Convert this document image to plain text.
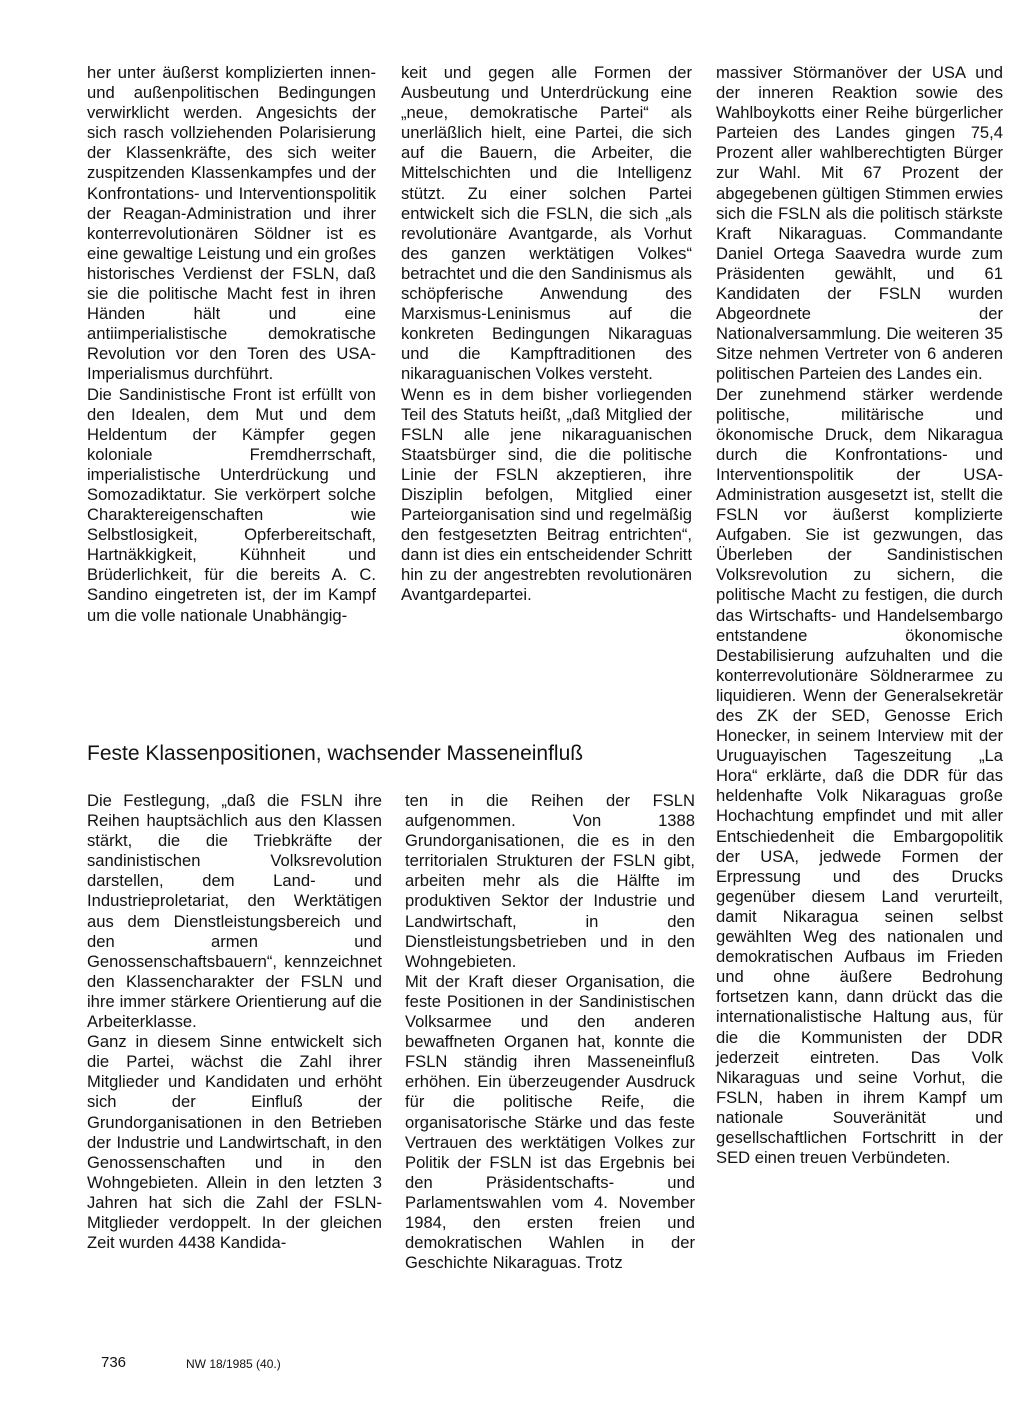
her unter äußerst komplizierten innen- und außenpolitischen Bedingungen verwirklicht werden. Angesichts der sich rasch vollziehenden Polarisierung der Klassenkräfte, des sich weiter zuspitzenden Klassenkampfes und der Konfrontations- und Interventionspolitik der Reagan-Administration und ihrer konterrevolutionären Söldner ist es eine gewaltige Leistung und ein großes historisches Verdienst der FSLN, daß sie die politische Macht fest in ihren Händen hält und eine antiimperialistische demokratische Revolution vor den Toren des USA-Imperialismus durchführt.

Die Sandinistische Front ist erfüllt von den Idealen, dem Mut und dem Heldentum der Kämpfer gegen koloniale Fremdherrschaft, imperialistische Unterdrückung und Somozadiktatur. Sie verkörpert solche Charaktereigenschaften wie Selbstlosigkeit, Opferbereitschaft, Hartnäkkigkeit, Kühnheit und Brüderlichkeit, für die bereits A. C. Sandino eingetreten ist, der im Kampf um die volle nationale Unabhängig-

keit und gegen alle Formen der Ausbeutung und Unterdrückung eine „neue, demokratische Partei“ als unerläßlich hielt, eine Partei, die sich auf die Bauern, die Arbeiter, die Mittelschichten und die Intelligenz stützt. Zu einer solchen Partei entwickelt sich die FSLN, die sich „als revolutionäre Avantgarde, als Vorhut des ganzen werktätigen Volkes“ betrachtet und die den Sandinismus als schöpferische Anwendung des Marxismus-Leninismus auf die konkreten Bedingungen Nikaraguas und die Kampftraditionen des nikaraguanischen Volkes versteht.

Wenn es in dem bisher vorliegenden Teil des Statuts heißt, „daß Mitglied der FSLN alle jene nikaraguanischen Staatsbürger sind, die die politische Linie der FSLN akzeptieren, ihre Disziplin befolgen, Mitglied einer Parteiorganisation sind und regelmäßig den festgesetzten Beitrag entrichten“, dann ist dies ein entscheidender Schritt hin zu der angestrebten revolutionären Avantgardepartei.

massiver Störmanöver der USA und der inneren Reaktion sowie des Wahlboykotts einer Reihe bürgerlicher Parteien des Landes gingen 75,4 Prozent aller wahlberechtigten Bürger zur Wahl. Mit 67 Prozent der abgegebenen gültigen Stimmen erwies sich die FSLN als die politisch stärkste Kraft Nikaraguas. Commandante Daniel Ortega Saavedra wurde zum Präsidenten gewählt, und 61 Kandidaten der FSLN wurden Abgeordnete der Nationalversammlung. Die weiteren 35 Sitze nehmen Vertreter von 6 anderen politischen Parteien des Landes ein.

Der zunehmend stärker werdende politische, militärische und ökonomische Druck, dem Nikaragua durch die Konfrontations- und Interventionspolitik der USA-Administration ausgesetzt ist, stellt die FSLN vor äußerst komplizierte Aufgaben. Sie ist gezwungen, das Überleben der Sandinistischen Volksrevolution zu sichern, die politische Macht zu festigen, die durch das Wirtschafts- und Handelsembargo entstandene ökonomische Destabilisierung aufzuhalten und die konterrevolutionäre Söldnerarmee zu liquidieren. Wenn der Generalsekretär des ZK der SED, Genosse Erich Honecker, in seinem Interview mit der Uruguayischen Tageszeitung „La Hora“ erklärte, daß die DDR für das heldenhafte Volk Nikaraguas große Hochachtung empfindet und mit aller Entschiedenheit die Embargopolitik der USA, jedwede Formen der Erpressung und des Drucks gegenüber diesem Land verurteilt, damit Nikaragua seinen selbst gewählten Weg des nationalen und demokratischen Aufbaus im Frieden und ohne äußere Bedrohung fortsetzen kann, dann drückt das die internationalistische Haltung aus, für die die Kommunisten der DDR jederzeit eintreten. Das Volk Nikaraguas und seine Vorhut, die FSLN, haben in ihrem Kampf um nationale Souveränität und gesellschaftlichen Fortschritt in der SED einen treuen Verbündeten.

Feste Klassenpositionen, wachsender Masseneinfluß

Die Festlegung, „daß die FSLN ihre Reihen hauptsächlich aus den Klassen stärkt, die die Triebkräfte der sandinistischen Volksrevolution darstellen, dem Land- und Industrieproletariat, den Werktätigen aus dem Dienstleistungsbereich und den armen und Genossenschaftsbauern“, kennzeichnet den Klassencharakter der FSLN und ihre immer stärkere Orientierung auf die Arbeiterklasse.

Ganz in diesem Sinne entwickelt sich die Partei, wächst die Zahl ihrer Mitglieder und Kandidaten und erhöht sich der Einfluß der Grundorganisationen in den Betrieben der Industrie und Landwirtschaft, in den Genossenschaften und in den Wohngebieten. Allein in den letzten 3 Jahren hat sich die Zahl der FSLN-Mitglieder verdoppelt. In der gleichen Zeit wurden 4438 Kandida-

ten in die Reihen der FSLN aufgenommen. Von 1388 Grundorganisationen, die es in den territorialen Strukturen der FSLN gibt, arbeiten mehr als die Hälfte im produktiven Sektor der Industrie und Landwirtschaft, in den Dienstleistungsbetrieben und in den Wohngebieten.

Mit der Kraft dieser Organisation, die feste Positionen in der Sandinistischen Volksarmee und den anderen bewaffneten Organen hat, konnte die FSLN ständig ihren Masseneinfluß erhöhen. Ein überzeugender Ausdruck für die politische Reife, die organisatorische Stärke und das feste Vertrauen des werktätigen Volkes zur Politik der FSLN ist das Ergebnis bei den Präsidentschafts- und Parlamentswahlen vom 4. November 1984, den ersten freien und demokratischen Wahlen in der Geschichte Nikaraguas. Trotz

736	NW 18/1985 (40.)
